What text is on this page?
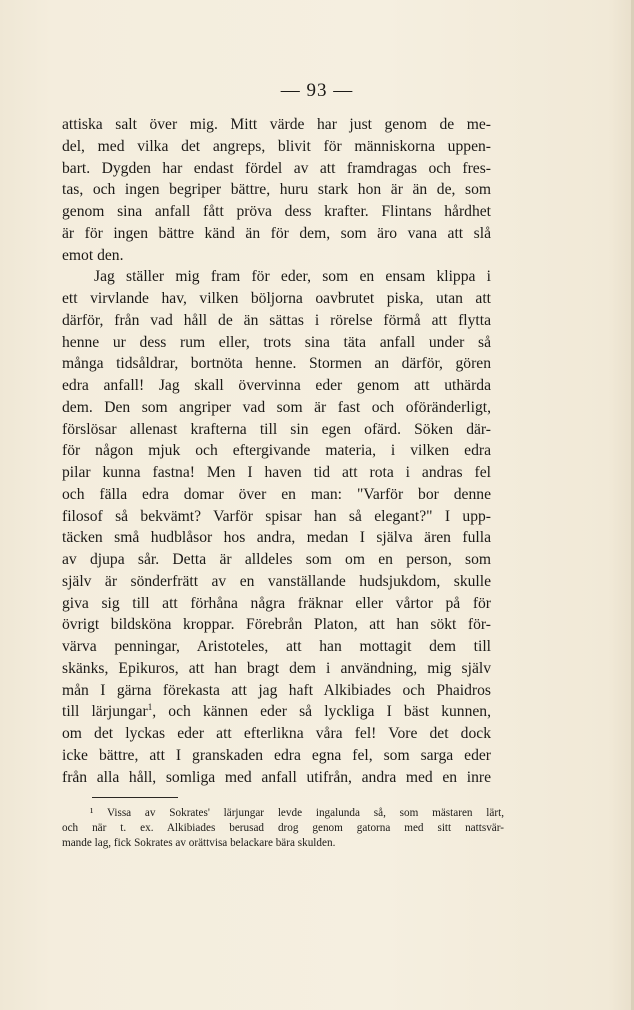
— 93 —
attiska salt över mig. Mitt värde har just genom de me-
del, med vilka det angreps, blivit för människorna uppen-
bart. Dygden har endast fördel av att framdragas och fres-
tas, och ingen begriper bättre, huru stark hon är än de, som
genom sina anfall fått pröva dess krafter. Flintans hårdhet
är för ingen bättre känd än för dem, som äro vana att slå
emot den.
Jag ställer mig fram för eder, som en ensam klippa i
ett virvlande hav, vilken böljorna oavbrutet piska, utan att
därför, från vad håll de än sättas i rörelse förmå att flytta
henne ur dess rum eller, trots sina täta anfall under så
många tidsåldrar, bortnöta henne. Stormen an därför, gören
edra anfall! Jag skall övervinna eder genom att uthärda
dem. Den som angriper vad som är fast och oföränderligt,
förslösar allenast krafterna till sin egen ofärd. Söken där-
för någon mjuk och eftergivande materia, i vilken edra
pilar kunna fastna! Men I haven tid att rota i andras fel
och fälla edra domar över en man: "Varför bor denne
filosof så bekvämt? Varför spisar han så elegant?" I upp-
täcken små hudblåsor hos andra, medan I själva ären fulla
av djupa sår. Detta är alldeles som om en person, som
själv är sönderfrätt av en vanställande hudsjukdom, skulle
giva sig till att förhåna några fräknar eller vårtor på för
övrigt bildsköna kroppar. Förebrån Platon, att han sökt för-
värva penningar, Aristoteles, att han mottagit dem till
skänks, Epikuros, att han bragt dem i användning, mig själv
mån I gärna förekasta att jag haft Alkibiades och Phaidros
till lärjungar$^1$, och kännen eder så lyckliga I bäst kunnen,
om det lyckas eder att efterlikna våra fel! Vore det dock
icke bättre, att I granskaden edra egna fel, som sarga eder
från alla håll, somliga med anfall utifrån, andra med en inre
¹ Vissa av Sokrates' lärjungar levde ingalunda så, som mästaren lärt,
och när t. ex. Alkibiades berusad drog genom gatorna med sitt nattsvär-
mande lag, fick Sokrates av orättvisa belackare bära skulden.
